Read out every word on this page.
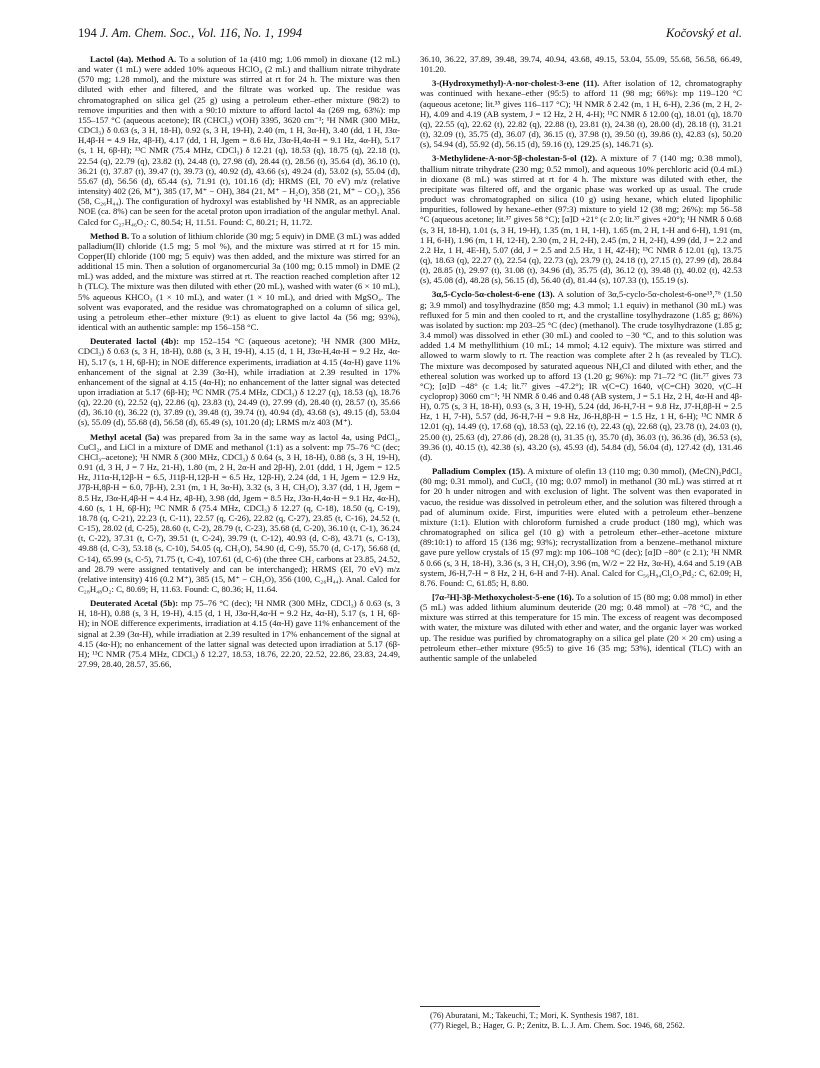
194 J. Am. Chem. Soc., Vol. 116, No. 1, 1994	Kočovský et al.

Lactol (4a). Method A. To a solution of 1a (410 mg; 1.06 mmol) in dioxane (12 mL) and water (1 mL) were added 10% aqueous HClO₄ (2 mL) and thallium nitrate trihydrate (570 mg; 1.28 mmol), and the mixture was stirred at rt for 24 h. The mixture was then diluted with ether and filtered, and the filtrate was worked up. The residue was chromatographed on silica gel (25 g) using a petroleum ether–ether mixture (98:2) to remove impurities and then with a 90:10 mixture to afford lactol 4a (269 mg, 63%): mp 155–157 °C (aqueous acetone); IR (CHCl₃) ν(OH) 3395, 3620 cm⁻¹; ¹H NMR (300 MHz, CDCl₃) δ 0.63 (s, 3 H, 18-H), 0.92 (s, 3 H, 19-H), 2.40 (m, 1 H, 3α-H), 3.40 (dd, 1 H, J3α-H,4β-H = 4.9 Hz, 4β-H), 4.17 (dd, 1 H, Jgem = 8.6 Hz, J3α-H,4α-H = 9.1 Hz, 4α-H), 5.17 (s, 1 H, 6β-H); ¹³C NMR (75.4 MHz, CDCl₃) δ 12.21 (q), 18.53 (q), 18.75 (q), 22.18 (t), 22.54 (q), 22.79 (q), 23.82 (t), 24.48 (t), 27.98 (d), 28.44 (t), 28.56 (t), 35.64 (d), 36.10 (t), 36.21 (t), 37.87 (t), 39.47 (t), 39.73 (t), 40.92 (d), 43.66 (s), 49.24 (d), 53.02 (s), 55.04 (d), 55.67 (d), 56.56 (d), 65.44 (s), 71.91 (t), 101.16 (d); HRMS (EI, 70 eV) m/z (relative intensity) 402 (26, M⁺), 385 (17, M⁺ − OH), 384 (21, M⁺ − H₂O), 358 (21, M⁺ − CO₂), 356 (58, C₂₆H₄₄). The configuration of hydroxyl was established by ¹H NMR, as an appreciable NOE (ca. 8%) can be seen for the acetal proton upon irradiation of the angular methyl. Anal. Calcd for C₂₇H₄₆O₂: C, 80.54; H, 11.51. Found: C, 80.21; H, 11.72.

Method B. To a solution of lithium chloride (30 mg; 5 equiv) in DME (3 mL) was added palladium(II) chloride (1.5 mg; 5 mol %), and the mixture was stirred at rt for 15 min. Copper(II) chloride (100 mg; 5 equiv) was then added, and the mixture was stirred for an additional 15 min. Then a solution of organomercurial 3a (100 mg; 0.15 mmol) in DME (2 mL) was added, and the mixture was stirred at rt. The reaction reached completion after 12 h (TLC). The mixture was then diluted with ether (20 mL), washed with water (6 × 10 mL), 5% aqueous KHCO₃ (1 × 10 mL), and water (1 × 10 mL), and dried with MgSO₄. The solvent was evaporated, and the residue was chromatographed on a column of silica gel, using a petroleum ether–ether mixture (9:1) as eluent to give lactol 4a (56 mg; 93%), identical with an authentic sample: mp 156–158 °C.

Deuterated lactol (4b): mp 152–154 °C (aqueous acetone); ¹H NMR (300 MHz, CDCl₃) δ 0.63 (s, 3 H, 18-H), 0.88 (s, 3 H, 19-H), 4.15 (d, 1 H, J3α-H,4α-H = 9.2 Hz, 4α-H), 5.17 (s, 1 H, 6β-H); in NOE difference experiments, irradiation at 4.15 (4α-H) gave 11% enhancement of the signal at 2.39 (3α-H), while irradiation at 2.39 resulted in 17% enhancement of the signal at 4.15 (4α-H); no enhancement of the latter signal was detected upon irradiation at 5.17 (6β-H); ¹³C NMR (75.4 MHz, CDCl₃) δ 12.27 (q), 18.53 (q), 18.76 (q), 22.20 (t), 22.52 (q), 22.86 (q), 23.83 (t), 24.49 (t), 27.99 (d), 28.40 (t), 28.57 (t), 35.66 (d), 36.10 (t), 36.22 (t), 37.89 (t), 39.48 (t), 39.74 (t), 40.94 (d), 43.68 (s), 49.15 (d), 53.04 (s), 55.09 (d), 55.68 (d), 56.58 (d), 65.49 (s), 101.20 (d); LRMS m/z 403 (M⁺).

Methyl acetal (5a) was prepared from 3a in the same way as lactol 4a, using PdCl₂, CuCl₂, and LiCl in a mixture of DME and methanol (1:1) as a solvent: mp 75–76 °C (dec; CHCl₃–acetone); ¹H NMR δ (300 MHz, CDCl₃) δ 0.64 (s, 3 H, 18-H), 0.88 (s, 3 H, 19-H), 0.91 (d, 3 H, J = 7 Hz, 21-H), 1.80 (m, 2 H, 2α-H and 2β-H), 2.01 (ddd, 1 H, Jgem = 12.5 Hz, J11α-H,12β-H = 6.5, J11β-H,12β-H = 6.5 Hz, 12β-H), 2.24 (dd, 1 H, Jgem = 12.9 Hz, J7β-H,8β-H = 6.0, 7β-H), 2.31 (m, 1 H, 3α-H), 3.32 (s, 3 H, CH₃O), 3.37 (dd, 1 H, Jgem = 8.5 Hz, J3α-H,4β-H = 4.4 Hz, 4β-H), 3.98 (dd, Jgem = 8.5 Hz, J3α-H,4α-H = 9.1 Hz, 4α-H), 4.60 (s, 1 H, 6β-H); ¹³C NMR δ (75.4 MHz, CDCl₃) δ 12.27 (q, C-18), 18.50 (q, C-19), 18.78 (q, C-21), 22.23 (t, C-11), 22.57 (q, C-26), 22.82 (q, C-27), 23.85 (t, C-16), 24.52 (t, C-15), 28.02 (d, C-25), 28.60 (t, C-2), 28.79 (t, C-23), 35.68 (d, C-20), 36.10 (t, C-1), 36.24 (t, C-22), 37.31 (t, C-7), 39.51 (t, C-24), 39.79 (t, C-12), 40.93 (d, C-8), 43.71 (s, C-13), 49.88 (d, C-3), 53.18 (s, C-10), 54.05 (q, CH₃O), 54.90 (d, C-9), 55.70 (d, C-17), 56.68 (d, C-14), 65.99 (s, C-5), 71.75 (t, C-4), 107.61 (d, C-6) (the three CH₂ carbons at 23.85, 24.52, and 28.79 were assigned tentatively and can be interchanged); HRMS (EI, 70 eV) m/z (relative intensity) 416 (0.2 M⁺), 385 (15, M⁺ − CH₃O), 356 (100, C₂₆H₄₄). Anal. Calcd for C₂₈H₄₈O₂: C, 80.69; H, 11.63. Found: C, 80.36; H, 11.64.

Deuterated Acetal (5b): mp 75–76 °C (dec); ¹H NMR (300 MHz, CDCl₃) δ 0.63 (s, 3 H, 18-H), 0.88 (s, 3 H, 19-H), 4.15 (d, 1 H, J3α-H,4α-H = 9.2 Hz, 4α-H), 5.17 (s, 1 H, 6β-H); in NOE difference experiments, irradiation at 4.15 (4α-H) gave 11% enhancement of the signal at 2.39 (3α-H), while irradiation at 2.39 resulted in 17% enhancement of the signal at 4.15 (4α-H); no enhancement of the latter signal was detected upon irradiation at 5.17 (6β-H); ¹³C NMR (75.4 MHz, CDCl₃) δ 12.27, 18.53, 18.76, 22.20, 22.52, 22.86, 23.83, 24.49, 27.99, 28.40, 28.57, 35.66,

36.10, 36.22, 37.89, 39.48, 39.74, 40.94, 43.68, 49.15, 53.04, 55.09, 55.68, 56.58, 66.49, 101.20.

3-(Hydroxymethyl)-A-nor-cholest-3-ene (11). After isolation of 12, chromatography was continued with hexane–ether (95:5) to afford 11 (98 mg; 66%): mp 119–120 °C (aqueous acetone; lit.³⁵ gives 116–117 °C); ¹H NMR δ 2.42 (m, 1 H, 6-H), 2.36 (m, 2 H, 2-H), 4.09 and 4.19 (AB system, J = 12 Hz, 2 H, 4-H); ¹³C NMR δ 12.00 (q), 18.01 (q), 18.70 (q), 22.55 (q), 22.62 (t), 22.82 (q), 22.88 (t), 23.81 (t), 24.38 (t), 28.00 (d), 28.18 (t), 31.21 (t), 32.09 (t), 35.75 (d), 36.07 (d), 36.15 (t), 37.98 (t), 39.50 (t), 39.86 (t), 42.83 (s), 50.20 (s), 54.94 (d), 55.92 (d), 56.15 (d), 59.16 (t), 129.25 (s), 146.71 (s).

3-Methylidene-A-nor-5β-cholestan-5-ol (12). A mixture of 7 (140 mg; 0.38 mmol), thallium nitrate trihydrate (230 mg; 0.52 mmol), and aqueous 10% perchloric acid (0.4 mL) in dioxane (8 mL) was stirred at rt for 4 h. The mixture was diluted with ether, the precipitate was filtered off, and the organic phase was worked up as usual. The crude product was chromatographed on silica (10 g) using hexane, which eluted lipophilic impurities, followed by hexane–ether (97:3) mixture to yield 12 (38 mg; 26%): mp 56–58 °C (aqueous acetone; lit.³⁷ gives 58 °C); [α]D +21° (c 2.0; lit.³⁷ gives +20°); ¹H NMR δ 0.68 (s, 3 H, 18-H), 1.01 (s, 3 H, 19-H), 1.35 (m, 1 H, 1-H), 1.65 (m, 2 H, 1-H and 6-H), 1.91 (m, 1 H, 6-H), 1.96 (m, 1 H, 12-H), 2.30 (m, 2 H, 2-H), 2.45 (m, 2 H, 2-H), 4.99 (dd, J = 2.2 and 2.2 Hz, 1 H, 4E-H), 5.07 (dd, J = 2.5 and 2.5 Hz, 1 H, 4Z-H); ¹³C NMR δ 12.01 (q), 13.75 (q), 18.63 (q), 22.27 (t), 22.54 (q), 22.73 (q), 23.79 (t), 24.18 (t), 27.15 (t), 27.99 (d), 28.84 (t), 28.85 (t), 29.97 (t), 31.08 (t), 34.96 (d), 35.75 (d), 36.12 (t), 39.48 (t), 40.02 (t), 42.53 (s), 45.08 (d), 48.28 (s), 56.15 (d), 56.40 (d), 81.44 (s), 107.33 (t), 155.19 (s).

3α,5-Cyclo-5α-cholest-6-ene (13). A solution of 3α,5-cyclo-5α-cholest-6-one¹⁵,⁷⁶ (1.50 g; 3.9 mmol) and tosylhydrazine (850 mg; 4.3 mmol; 1.1 equiv) in methanol (30 mL) was refluxed for 5 min and then cooled to rt, and the crystalline tosylhydrazone (1.85 g; 86%) was isolated by suction: mp 203–25 °C (dec) (methanol). The crude tosylhydrazone (1.85 g; 3.4 mmol) was dissolved in ether (30 mL) and cooled to −30 °C, and to this solution was added 1.4 M methyllithium (10 mL; 14 mmol; 4.12 equiv). The mixture was stirred and allowed to warm slowly to rt. The reaction was complete after 2 h (as revealed by TLC). The mixture was decomposed by saturated aqueous NH₄Cl and diluted with ether, and the ethereal solution was worked up to afford 13 (1.20 g; 96%): mp 71–72 °C (lit.⁷⁷ gives 73 °C); [α]D −48° (c 1.4; lit.⁷⁷ gives −47.2°); IR ν(C=C) 1640, ν(C=CH) 3020, ν(C–H cycloprop) 3060 cm⁻¹; ¹H NMR δ 0.46 and 0.48 (AB system, J = 5.1 Hz, 2 H, 4α-H and 4β-H), 0.75 (s, 3 H, 18-H), 0.93 (s, 3 H, 19-H), 5.24 (dd, J6-H,7-H = 9.8 Hz, J7-H,8β-H = 2.5 Hz, 1 H, 7-H), 5.57 (dd, J6-H,7-H = 9.8 Hz, J6-H,8β-H = 1.5 Hz, 1 H, 6-H); ¹³C NMR δ 12.01 (q), 14.49 (t), 17.68 (q), 18.53 (q), 22.16 (t), 22.43 (q), 22.68 (q), 23.78 (t), 24.03 (t), 25.00 (t), 25.63 (d), 27.86 (d), 28.28 (t), 31.35 (t), 35.70 (d), 36.03 (t), 36.36 (d), 36.53 (s), 39.36 (t), 40.15 (t), 42.38 (s), 43.20 (s), 45.93 (d), 54.84 (d), 56.04 (d), 127.42 (d), 131.46 (d).

Palladium Complex (15). A mixture of olefin 13 (110 mg; 0.30 mmol), (MeCN)₂PdCl₂ (80 mg; 0.31 mmol), and CuCl₂ (10 mg; 0.07 mmol) in methanol (30 mL) was stirred at rt for 20 h under nitrogen and with exclusion of light. The solvent was then evaporated in vacuo, the residue was dissolved in petroleum ether, and the solution was filtered through a pad of aluminum oxide. First, impurities were eluted with a petroleum ether–benzene mixture (1:1). Elution with chloroform furnished a crude product (180 mg), which was chromatographed on silica gel (10 g) with a petroleum ether–ether–acetone mixture (89:10:1) to afford 15 (136 mg; 93%); recrystallization from a benzene–methanol mixture gave pure yellow crystals of 15 (97 mg): mp 106–108 °C (dec); [α]D −80° (c 2.1); ¹H NMR δ 0.66 (s, 3 H, 18-H), 3.36 (s, 3 H, CH₃O), 3.96 (m, W/2 = 22 Hz, 3α-H), 4.64 and 5.19 (AB system, J6-H,7-H = 8 Hz, 2 H, 6-H and 7-H). Anal. Calcd for C₅₆H₉₄Cl₂O₂Pd₂: C, 62.09; H, 8.76. Found: C, 61.85; H, 8.80.

[7α-²H]-3β-Methoxycholest-5-ene (16). To a solution of 15 (80 mg; 0.08 mmol) in ether (5 mL) was added lithium aluminum deuteride (20 mg; 0.48 mmol) at −78 °C, and the mixture was stirred at this temperature for 15 min. The excess of reagent was decomposed with water, the mixture was diluted with ether and water, and the organic layer was worked up. The residue was purified by chromatography on a silica gel plate (20 × 20 cm) using a petroleum ether–ether mixture (95:5) to give 16 (35 mg; 53%), identical (TLC) with an authentic sample of the unlabeled

(76) Aburatani, M.; Takeuchi, T.; Mori, K. Synthesis 1987, 181.

(77) Riegel, B.; Hager, G. P.; Zenitz, B. L. J. Am. Chem. Soc. 1946, 68, 2562.
